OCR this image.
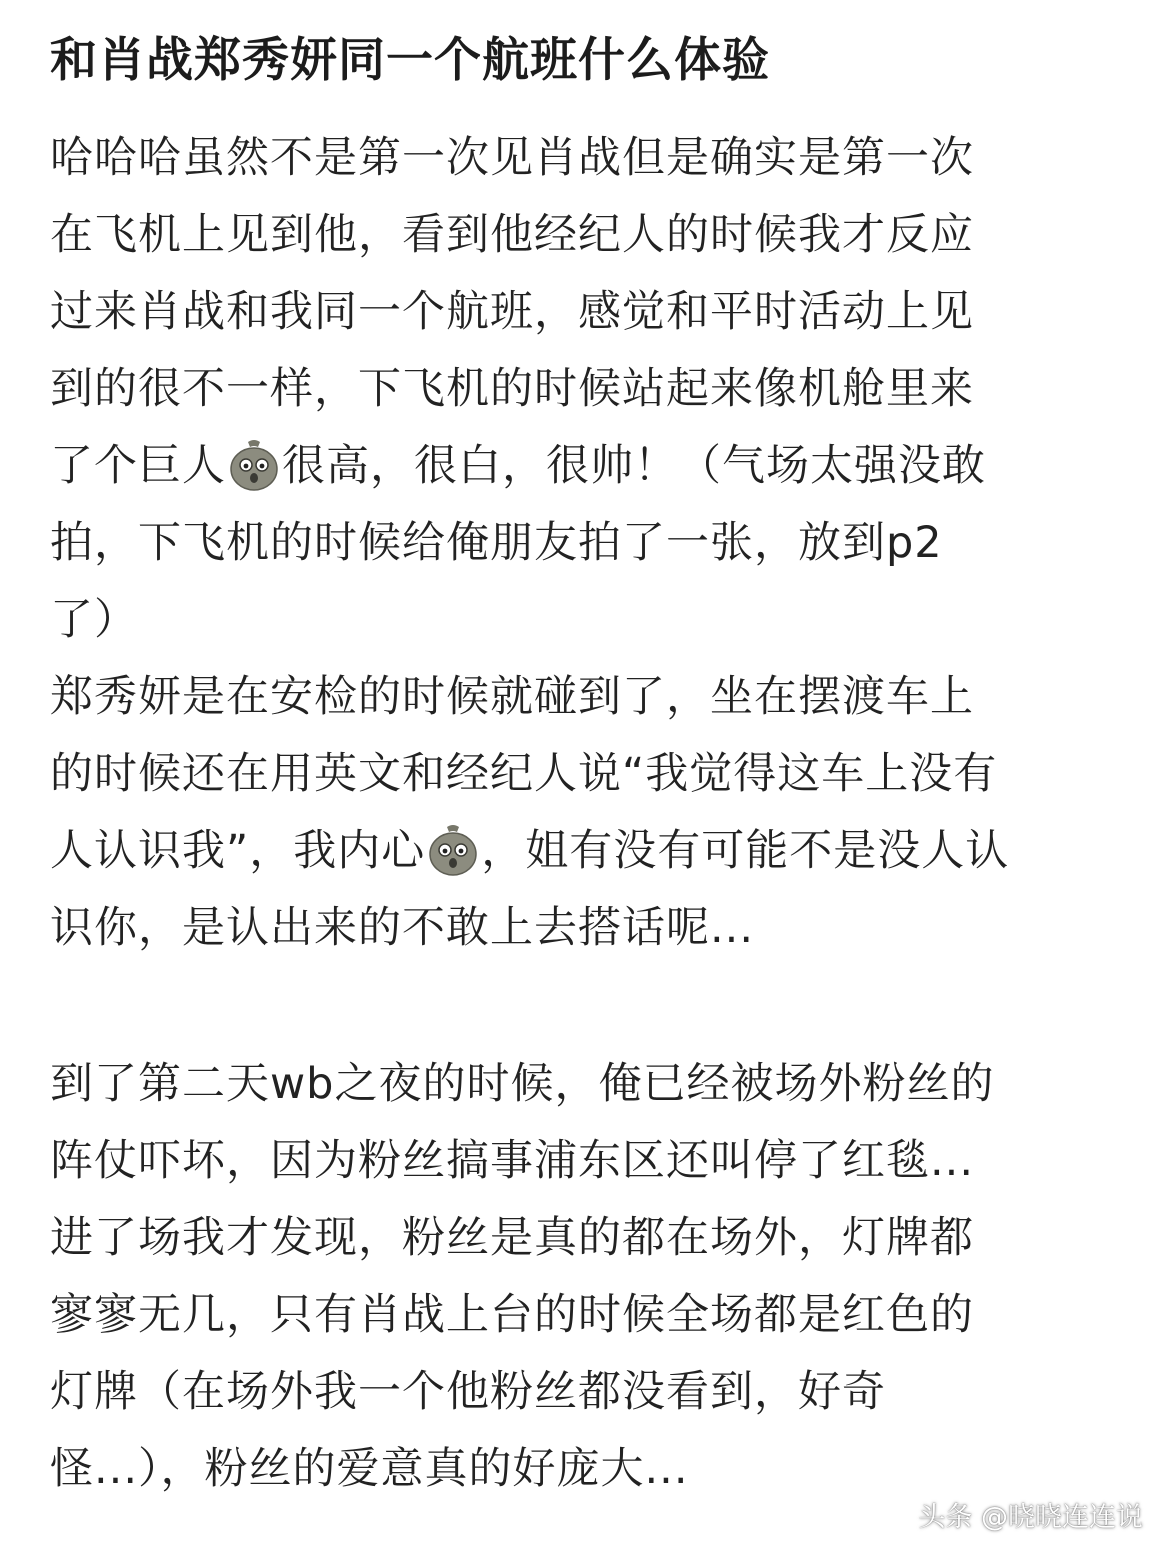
和肖战郑秀妍同一个航班什么体验
哈哈哈虽然不是第一次见肖战但是确实是第一次
在飞机上见到他，看到他经纪人的时候我才反应
过来肖战和我同一个航班，感觉和平时活动上见
到的很不一样，下飞机的时候站起来像机舱里来
了个巨人 很高，很白，很帅！（气场太强没敢
拍，下飞机的时候给俺朋友拍了一张，放到p2
了）
郑秀妍是在安检的时候就碰到了，坐在摆渡车上
的时候还在用英文和经纪人说“我觉得这车上没有
人认识我”，我内心 ，姐有没有可能不是没人认
识你，是认出来的不敢上去搭话呢...
到了第二天wb之夜的时候，俺已经被场外粉丝的
阵仗吓坏，因为粉丝搞事浦东区还叫停了红毯...
进了场我才发现，粉丝是真的都在场外，灯牌都
寥寥无几，只有肖战上台的时候全场都是红色的
灯牌（在场外我一个他粉丝都没看到，好奇
怪...），粉丝的爱意真的好庞大...
头条 @晓晓连连说
